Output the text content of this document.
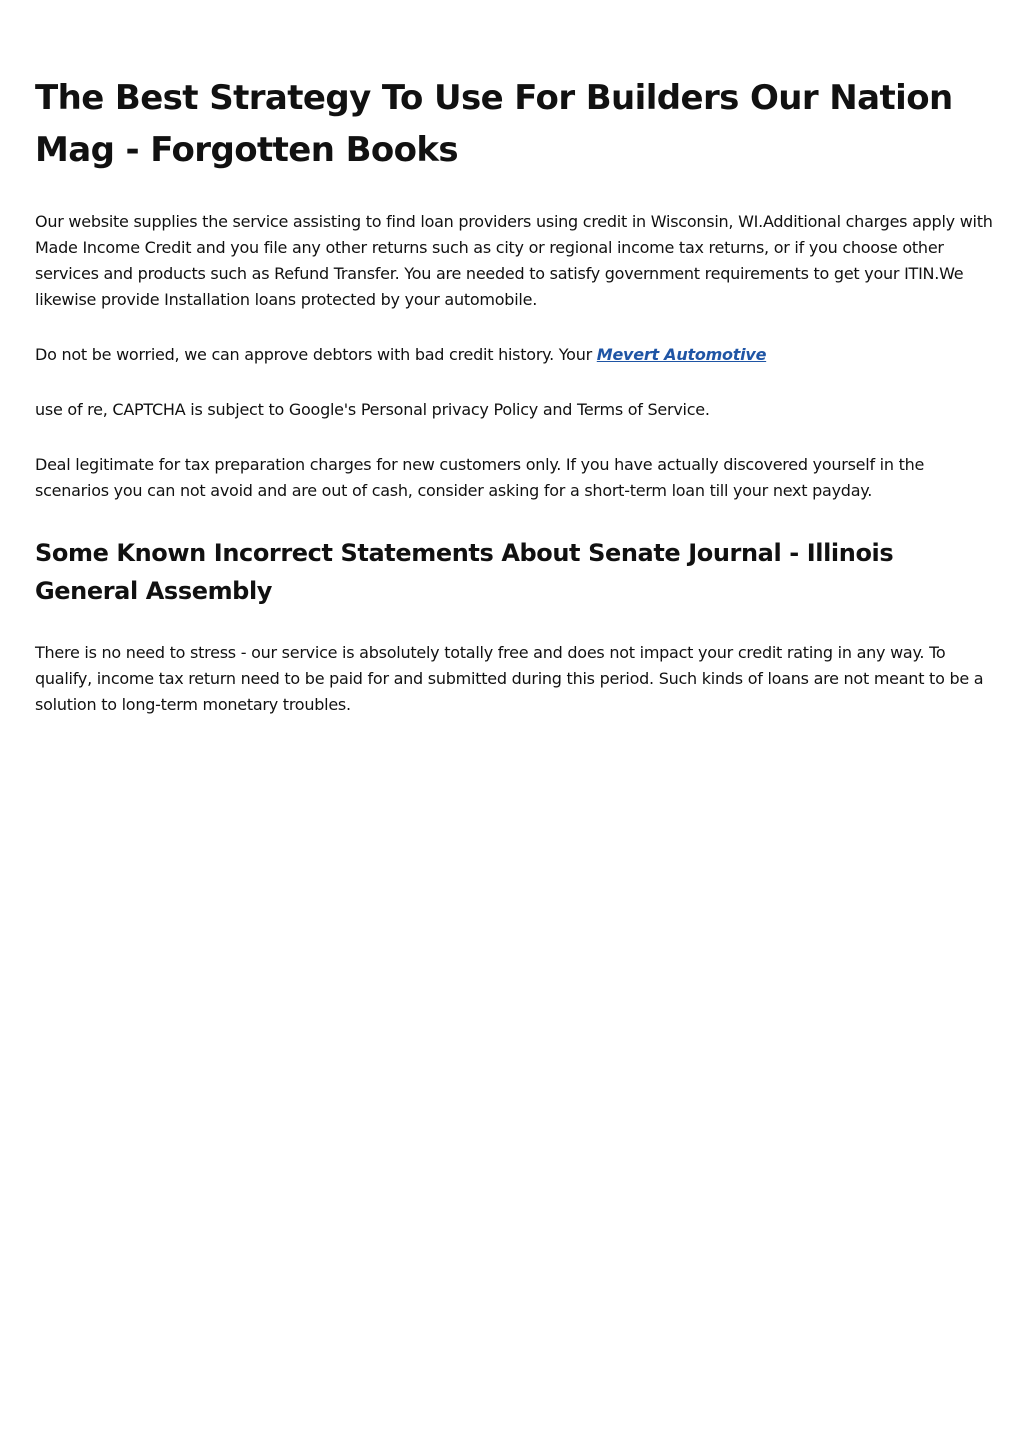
The Best Strategy To Use For Builders Our Nation Mag - Forgotten Books

Our website supplies the service assisting to find loan providers using credit in Wisconsin, WI.Additional charges apply with Made Income Credit and you file any other returns such as city or regional income tax returns, or if you choose other services and products such as Refund Transfer. You are needed to satisfy government requirements to get your ITIN.We likewise provide Installation loans protected by your automobile.

Do not be worried, we can approve debtors with bad credit history. Your Mevert Automotive

use of re, CAPTCHA is subject to Google's Personal privacy Policy and Terms of Service.

Deal legitimate for tax preparation charges for new customers only. If you have actually discovered yourself in the scenarios you can not avoid and are out of cash, consider asking for a short-term loan till your next payday.

Some Known Incorrect Statements About Senate Journal - Illinois General Assembly

There is no need to stress - our service is absolutely totally free and does not impact your credit rating in any way. To qualify, income tax return need to be paid for and submitted during this period. Such kinds of loans are not meant to be a solution to long-term monetary troubles.
